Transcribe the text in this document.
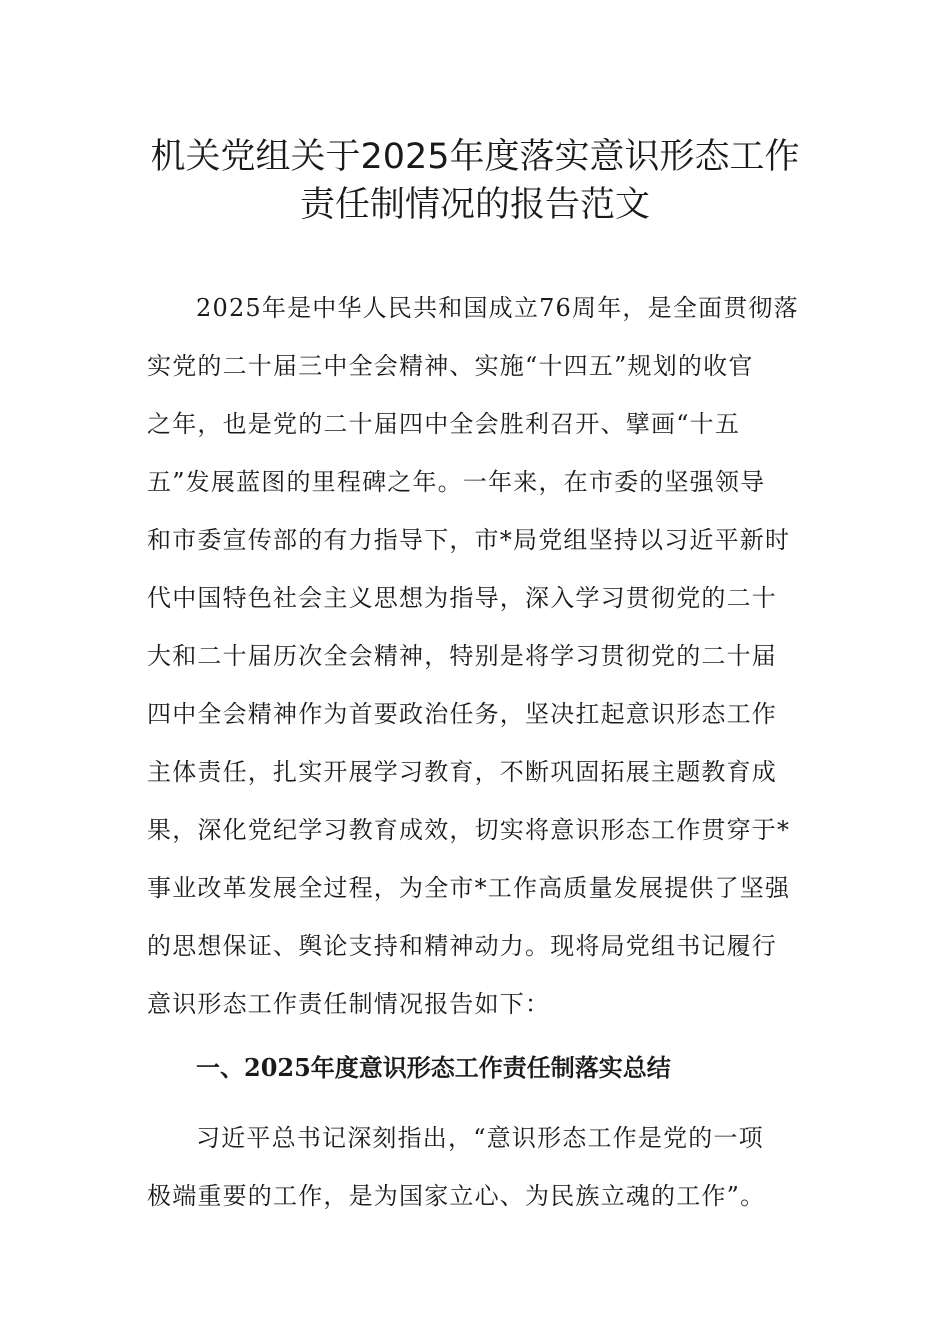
机关党组关于2025年度落实意识形态工作
责任制情况的报告范文
2025年是中华人民共和国成立76周年，是全面贯彻落
实党的二十届三中全会精神、实施“十四五”规划的收官
之年，也是党的二十届四中全会胜利召开、擘画“十五
五”发展蓝图的里程碑之年。一年来，在市委的坚强领导
和市委宣传部的有力指导下，市*局党组坚持以习近平新时
代中国特色社会主义思想为指导，深入学习贯彻党的二十
大和二十届历次全会精神，特别是将学习贯彻党的二十届
四中全会精神作为首要政治任务，坚决扛起意识形态工作
主体责任，扎实开展学习教育，不断巩固拓展主题教育成
果，深化党纪学习教育成效，切实将意识形态工作贯穿于*
事业改革发展全过程，为全市*工作高质量发展提供了坚强
的思想保证、舆论支持和精神动力。现将局党组书记履行
意识形态工作责任制情况报告如下：
一、2025年度意识形态工作责任制落实总结
习近平总书记深刻指出，“意识形态工作是党的一项
极端重要的工作，是为国家立心、为民族立魂的工作”。
